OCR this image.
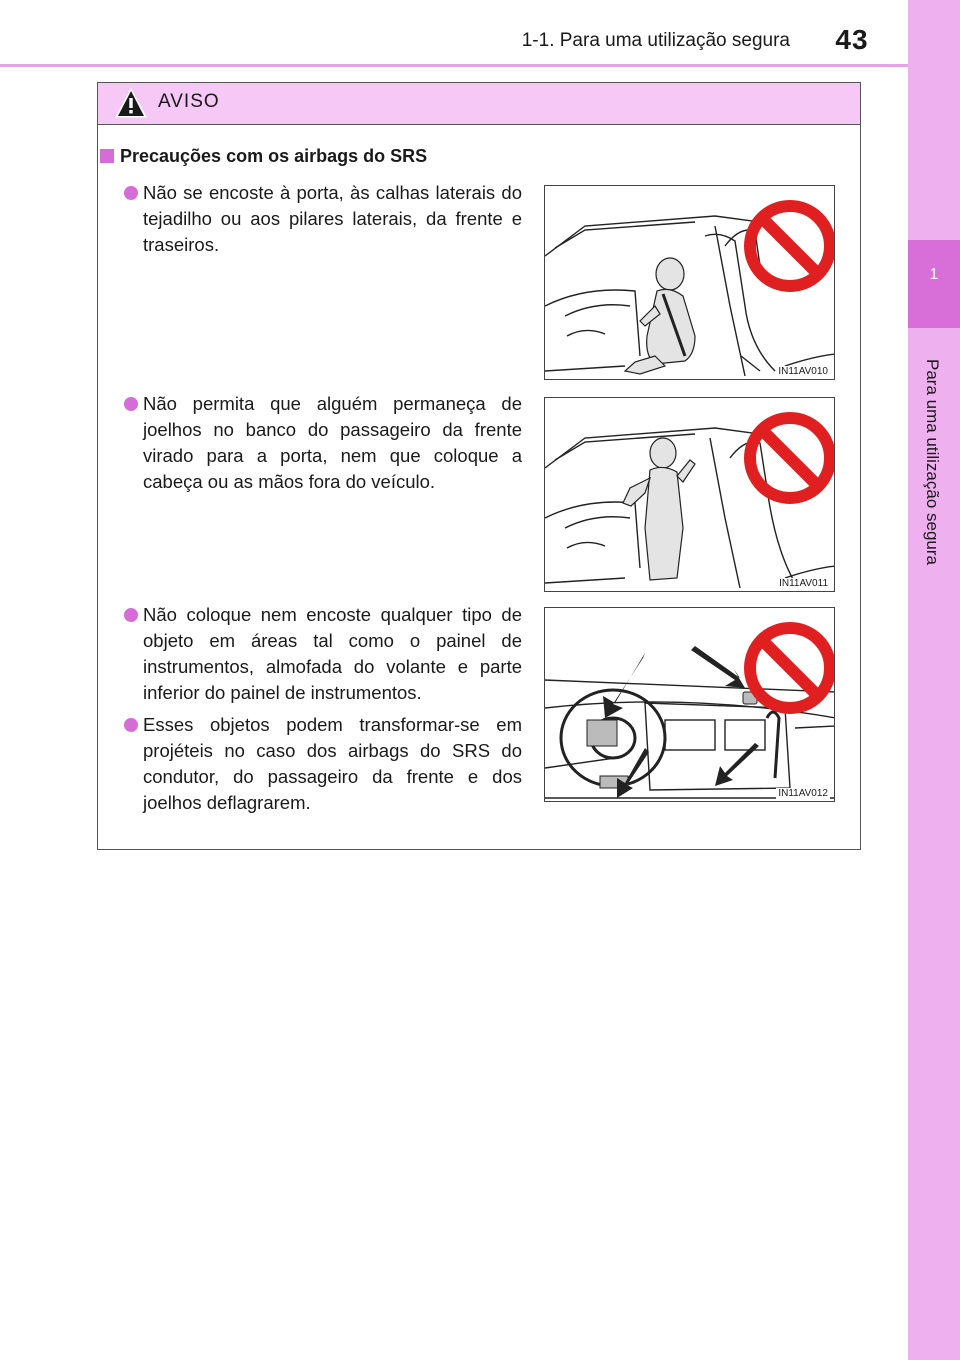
1-1. Para uma utilização segura	43
1
Para uma utilização segura
AVISO
Precauções com os airbags do SRS
Não se encoste à porta, às calhas laterais do tejadilho ou aos pilares laterais, da frente e traseiros.
Não permita que alguém permaneça de joelhos no banco do passageiro da frente virado para a porta, nem que coloque a cabeça ou as mãos fora do veículo.
Não coloque nem encoste qualquer tipo de objeto em áreas tal como o painel de instrumentos, almofada do volante e parte inferior do painel de instrumentos.
Esses objetos podem transformar-se em projéteis no caso dos airbags do SRS do condutor, do passageiro da frente e dos joelhos deflagrarem.
IN11AV010
IN11AV011
IN11AV012
